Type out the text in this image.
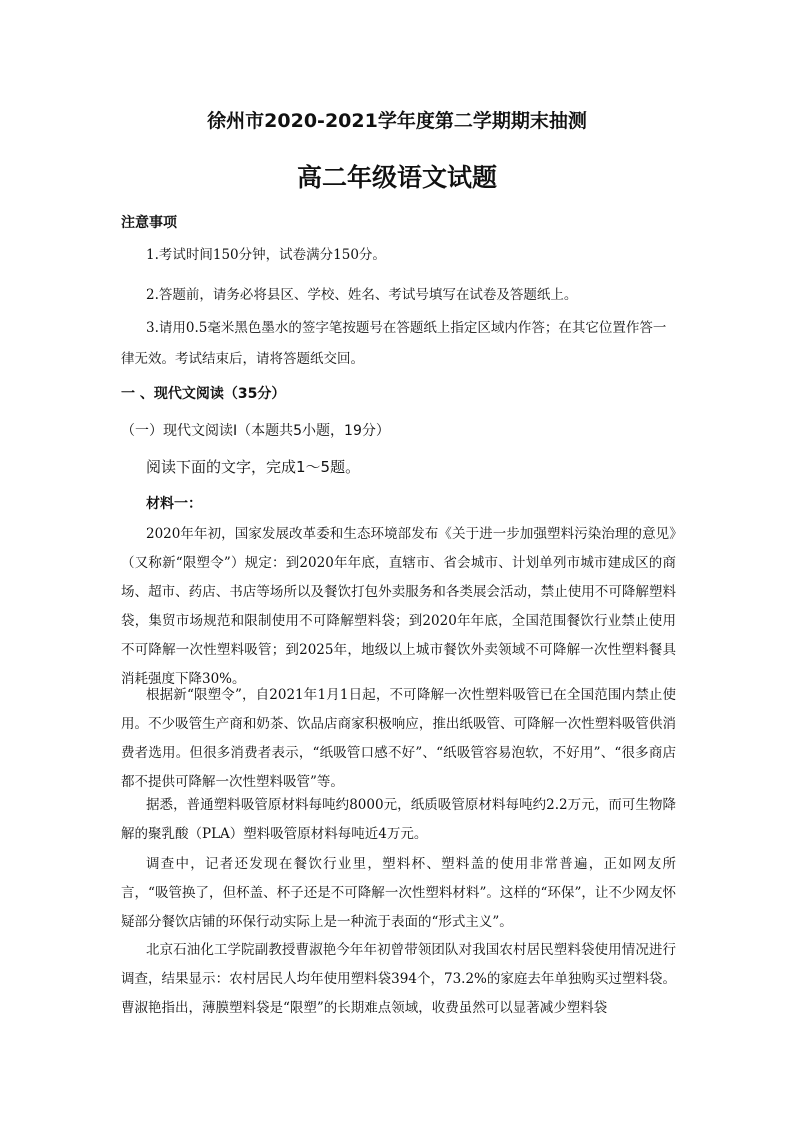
徐州市2020-2021学年度第二学期期末抽测
高二年级语文试题
注意事项
1.考试时间150分钟，试卷满分150分。
2.答题前，请务必将县区、学校、姓名、考试号填写在试卷及答题纸上。
3.请用0.5毫米黑色墨水的签字笔按题号在答题纸上指定区域内作答；在其它位置作答一律无效。考试结束后，请将答题纸交回。
一 、现代文阅读（35分）
（一）现代文阅读Ⅰ（本题共5小题，19分）
阅读下面的文字，完成1～5题。
材料一：
2020年年初，国家发展改革委和生态环境部发布《关于进一步加强塑料污染治理的意见》（又称新“限塑令”）规定：到2020年年底，直辖市、省会城市、计划单列市城市建成区的商场、超市、药店、书店等场所以及餐饮打包外卖服务和各类展会活动，禁止使用不可降解塑料袋，集贸市场规范和限制使用不可降解塑料袋；到2020年年底，全国范围餐饮行业禁止使用不可降解一次性塑料吸管；到2025年，地级以上城市餐饮外卖领域不可降解一次性塑料餐具消耗强度下降30%。
根据新“限塑令”，自2021年1月1日起，不可降解一次性塑料吸管已在全国范围内禁止使用。不少吸管生产商和奶茶、饮品店商家积极响应，推出纸吸管、可降解一次性塑料吸管供消费者选用。但很多消费者表示，“纸吸管口感不好”、“纸吸管容易泡软，不好用”、“很多商店都不提供可降解一次性塑料吸管”等。
据悉，普通塑料吸管原材料每吨约8000元，纸质吸管原材料每吨约2.2万元，而可生物降解的聚乳酸（PLA）塑料吸管原材料每吨近4万元。
调查中，记者还发现在餐饮行业里，塑料杯、塑料盖的使用非常普遍，正如网友所言，“吸管换了，但杯盖、杯子还是不可降解一次性塑料材料”。这样的“环保”，让不少网友怀疑部分餐饮店铺的环保行动实际上是一种流于表面的“形式主义”。
北京石油化工学院副教授曹淑艳今年年初曾带领团队对我国农村居民塑料袋使用情况进行调查，结果显示：农村居民人均年使用塑料袋394个，73.2%的家庭去年单独购买过塑料袋。曹淑艳指出，薄膜塑料袋是“限塑”的长期难点领域，收费虽然可以显著减少塑料袋
